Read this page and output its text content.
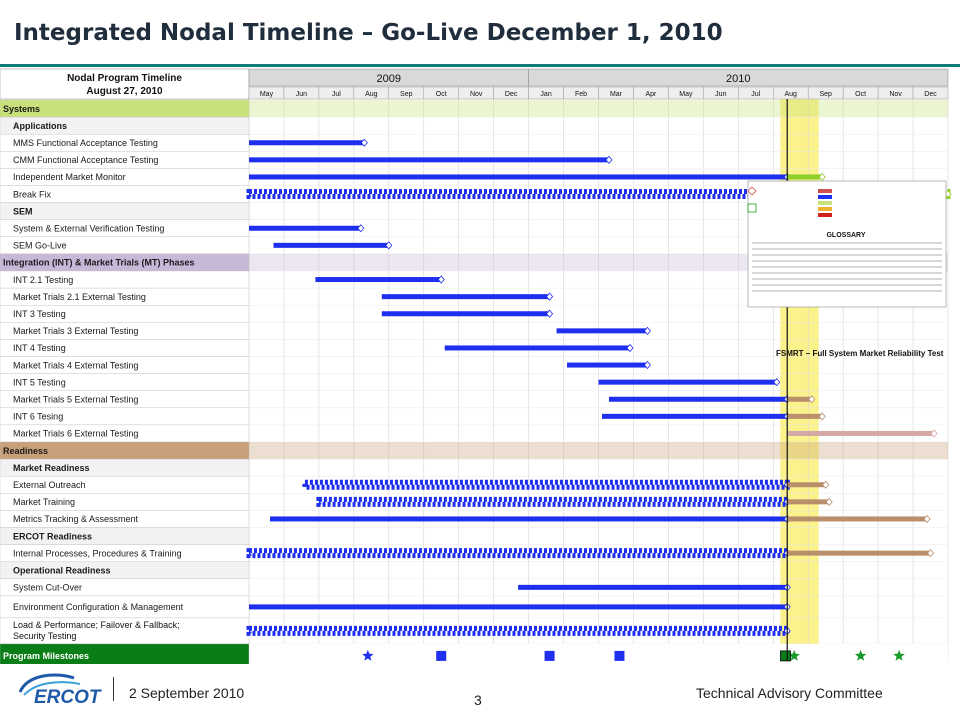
Integrated Nodal Timeline – Go-Live December 1, 2010
Nodal Program Timeline
August 27, 2010
2009	2010
May	Jun	Jul	Aug	Sep	Oct	Nov	Dec	Jan	Feb	Mar	Apr	May	Jun	Jul	Aug	Sep	Oct	Nov	Dec
Systems
Applications
MMS Functional Acceptance Testing
CMM Functional Acceptance Testing
Independent Market Monitor
Break Fix
SEM
System & External Verification Testing
SEM Go-Live
Integration (INT) & Market Trials (MT) Phases
INT 2.1 Testing
Market Trials 2.1 External Testing
INT 3 Testing
Market Trials 3 External Testing
INT 4 Testing
Market Trials 4 External Testing
INT 5 Testing
Market Trials 5 External Testing
INT 6 Tesing
Market Trials 6 External Testing
Readiness
Market Readiness
External Outreach
Market Training
Metrics Tracking & Assessment
ERCOT Readiness
Internal Processes, Procedures & Training
Operational Readiness
System Cut-Over
Environment Configuration & Management
Load & Performance; Failover & Fallback;
Security Testing
Program Milestones
GLOSSARY
FSMRT – Full System Market Reliability Test
ERCOT 2 September 2010	3	Technical Advisory Committee
